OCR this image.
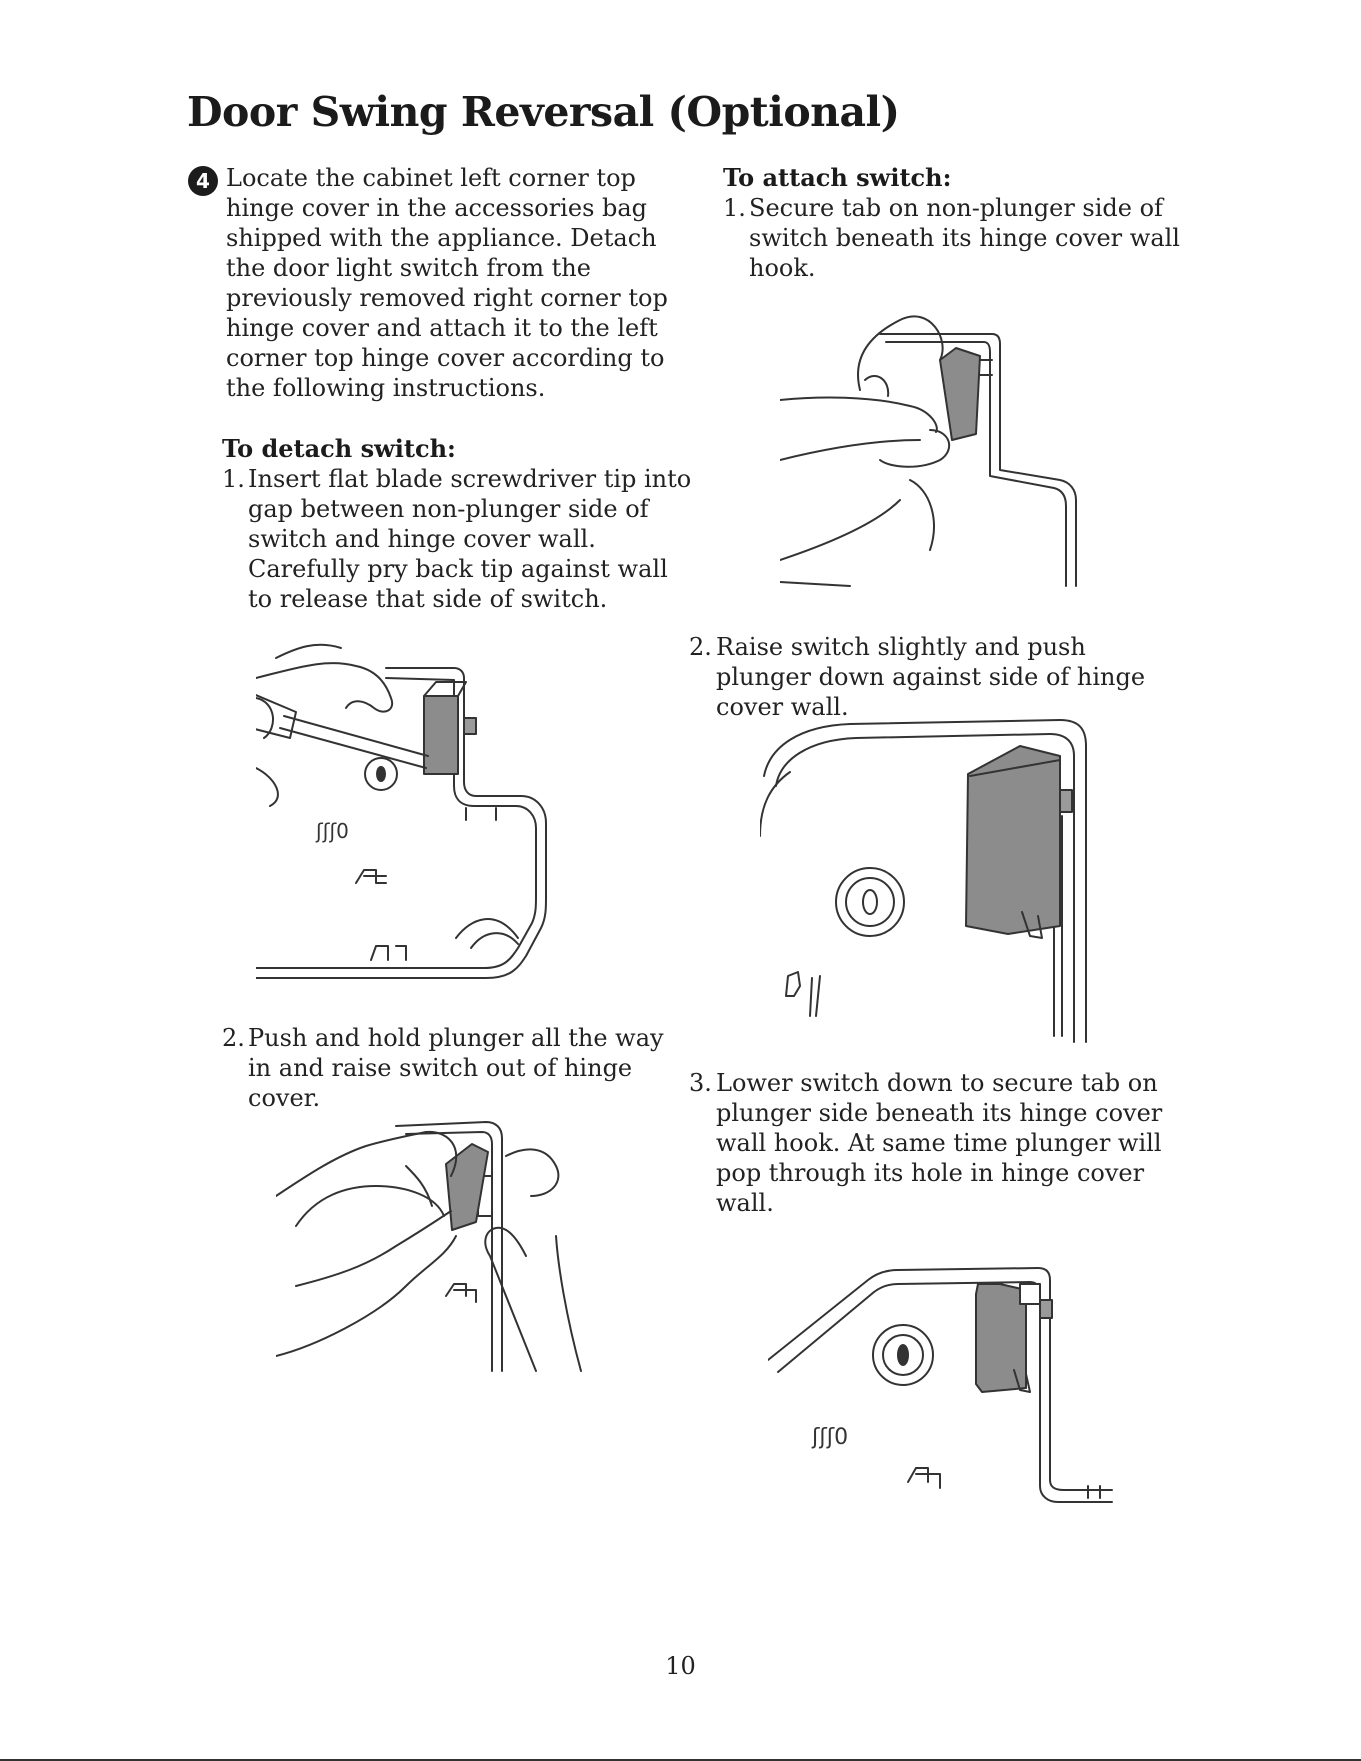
Door Swing Reversal (Optional)
4 Locate the cabinet left corner top hinge cover in the accessories bag shipped with the appliance. Detach the door light switch from the previously removed right corner top hinge cover and attach it to the left corner top hinge cover according to the following instructions.

To detach switch:
1. Insert flat blade screwdriver tip into gap between non-plunger side of switch and hinge cover wall. Carefully pry back tip against wall to release that side of switch.
ʃʃʃ0
2. Push and hold plunger all the way in and raise switch out of hinge cover.
To attach switch:
1. Secure tab on non-plunger side of switch beneath its hinge cover wall hook.
2. Raise switch slightly and push plunger down against side of hinge cover wall.
3. Lower switch down to secure tab on plunger side beneath its hinge cover wall hook. At same time plunger will pop through its hole in hinge cover wall.
ʃʃʃ0
10
